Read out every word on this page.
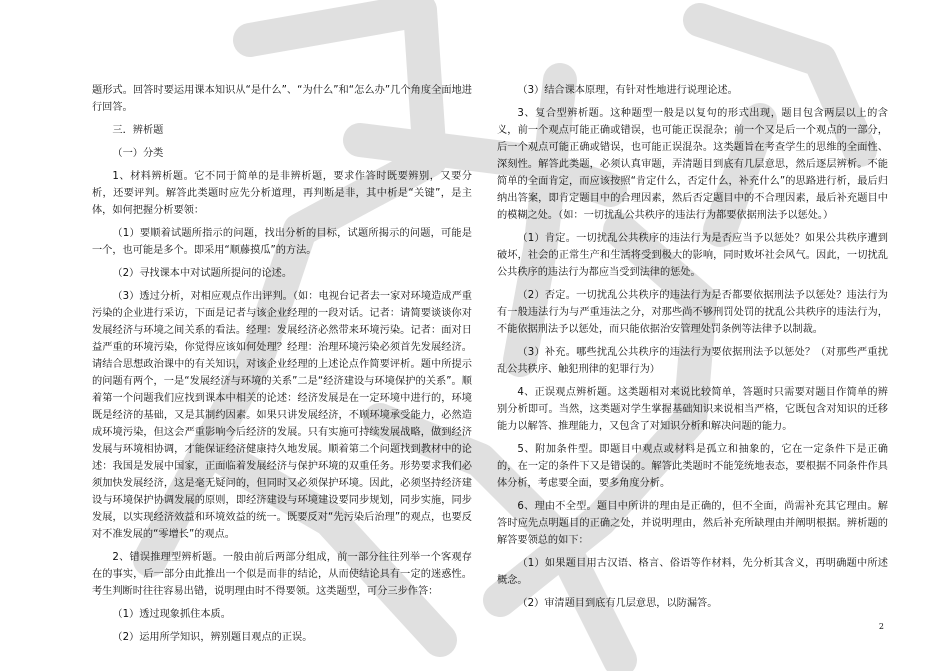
题形式。回答时要运用课本知识从“是什么”、“为什么”和“怎么办”几个角度全面地进行回答。

三．辨析题

（一）分类

1、材料辨析题。它不同于简单的是非辨析题，要求作答时既要辨别，又要分析，还要评判。解答此类题时应先分析道理，再判断是非，其中析是“关键”，是主体，如何把握分析要领：

（1）要顺着试题所指示的问题，找出分析的目标，试题所揭示的问题，可能是一个，也可能是多个。即采用“顺藤摸瓜”的方法。

（2）寻找课本中对试题所提问的论述。

（3）透过分析，对相应观点作出评判。（如：电视台记者去一家对环境造成严重污染的企业进行采访，下面是记者与该企业经理的一段对话。记者：请简要谈谈你对发展经济与环境之间关系的看法。经理：发展经济必然带来环境污染。记者：面对日益严重的环境污染，你觉得应该如何处理？经理：治理环境污染必须首先发展经济。请结合思想政治课中的有关知识，对该企业经理的上述论点作简要评析。题中所提示的问题有两个，一是“发展经济与环境的关系”二是“经济建设与环境保护的关系”。顺着第一个问题我们应找到课本中相关的论述：经济发展是在一定环境中进行的，环境既是经济的基础，又是其制约因素。如果只讲发展经济，不顾环境承受能力，必然造成环境污染，但这会严重影响今后经济的发展。只有实施可持续发展战略，做到经济发展与环境相协调，才能保证经济健康持久地发展。顺着第二个问题找到教材中的论述：我国是发展中国家，正面临着发展经济与保护环境的双重任务。形势要求我们必须加快发展经济，这是毫无疑问的，但同时又必须保护环境。因此，必须坚持经济建设与环境保护协调发展的原则，即经济建设与环境建设要同步规划，同步实施，同步发展，以实现经济效益和环境效益的统一。既要反对“先污染后治理”的观点，也要反对不准发展的“零增长”的观点。

2、错误推理型辨析题。一般由前后两部分组成，前一部分往往列举一个客观存在的事实，后一部分由此推出一个似是而非的结论，从而使结论具有一定的迷惑性。考生判断时往往容易出错，说明理由时不得要领。这类题型，可分三步作答：

（1）透过现象抓住本质。

（2）运用所学知识，辨别题目观点的正误。

（3）结合课本原理，有针对性地进行说理论述。

3、复合型辨析题。这种题型一般是以复句的形式出现，题目包含两层以上的含义，前一个观点可能正确或错误，也可能正误混杂；前一个又是后一个观点的一部分，后一个观点可能正确或错误，也可能正误混杂。这类题旨在考查学生的思维的全面性、深刻性。解答此类题，必须认真审题，弄清题目到底有几层意思，然后逐层辨析。不能简单的全面肯定，而应该按照“肯定什么，否定什么，补充什么”的思路进行析，最后归纳出答案，即肯定题目中的合理因素，然后否定题目中的不合理因素，最后补充题目中的模糊之处。（如：一切扰乱公共秩序的违法行为都要依据刑法予以惩处。）

（1）肯定。一切扰乱公共秩序的违法行为是否应当予以惩处？如果公共秩序遭到破坏，社会的正常生产和生活将受到极大的影响，同时败坏社会风气。因此，一切扰乱公共秩序的违法行为都应当受到法律的惩处。

（2）否定。一切扰乱公共秩序的违法行为是否都要依据刑法予以惩处？违法行为有一般违法行为与严重违法之分，对那些尚不够刑罚处罚的扰乱公共秩序的违法行为，不能依据刑法予以惩处，而只能依据治安管理处罚条例等法律予以制裁。

（3）补充。哪些扰乱公共秩序的违法行为要依据刑法予以惩处？（对那些严重扰乱公共秩序、触犯刑律的犯罪行为）

4、正误观点辨析题。这类题相对来说比较简单，答题时只需要对题目作简单的辨别分析即可。当然，这类题对学生掌握基础知识来说相当严格，它既包含对知识的迁移能力以解答、推理能力，又包含了对知识分析和解决问题的能力。

5、附加条件型。即题目中观点或材料是孤立和抽象的，它在一定条件下是正确的，在一定的条件下又是错误的。解答此类题时不能笼统地表态，要根据不同条件作具体分析，考虑要全面，要多角度分析。

6、理由不全型。题目中所讲的理由是正确的，但不全面，尚需补充其它理由。解答时应先点明题目的正确之处，并说明理由，然后补充所缺理由并阐明根据。辨析题的解答要领总的如下：

（1）如果题目用古汉语、格言、俗语等作材料，先分析其含义，再明确题中所述概念。

（2）审清题目到底有几层意思，以防漏答。

2
